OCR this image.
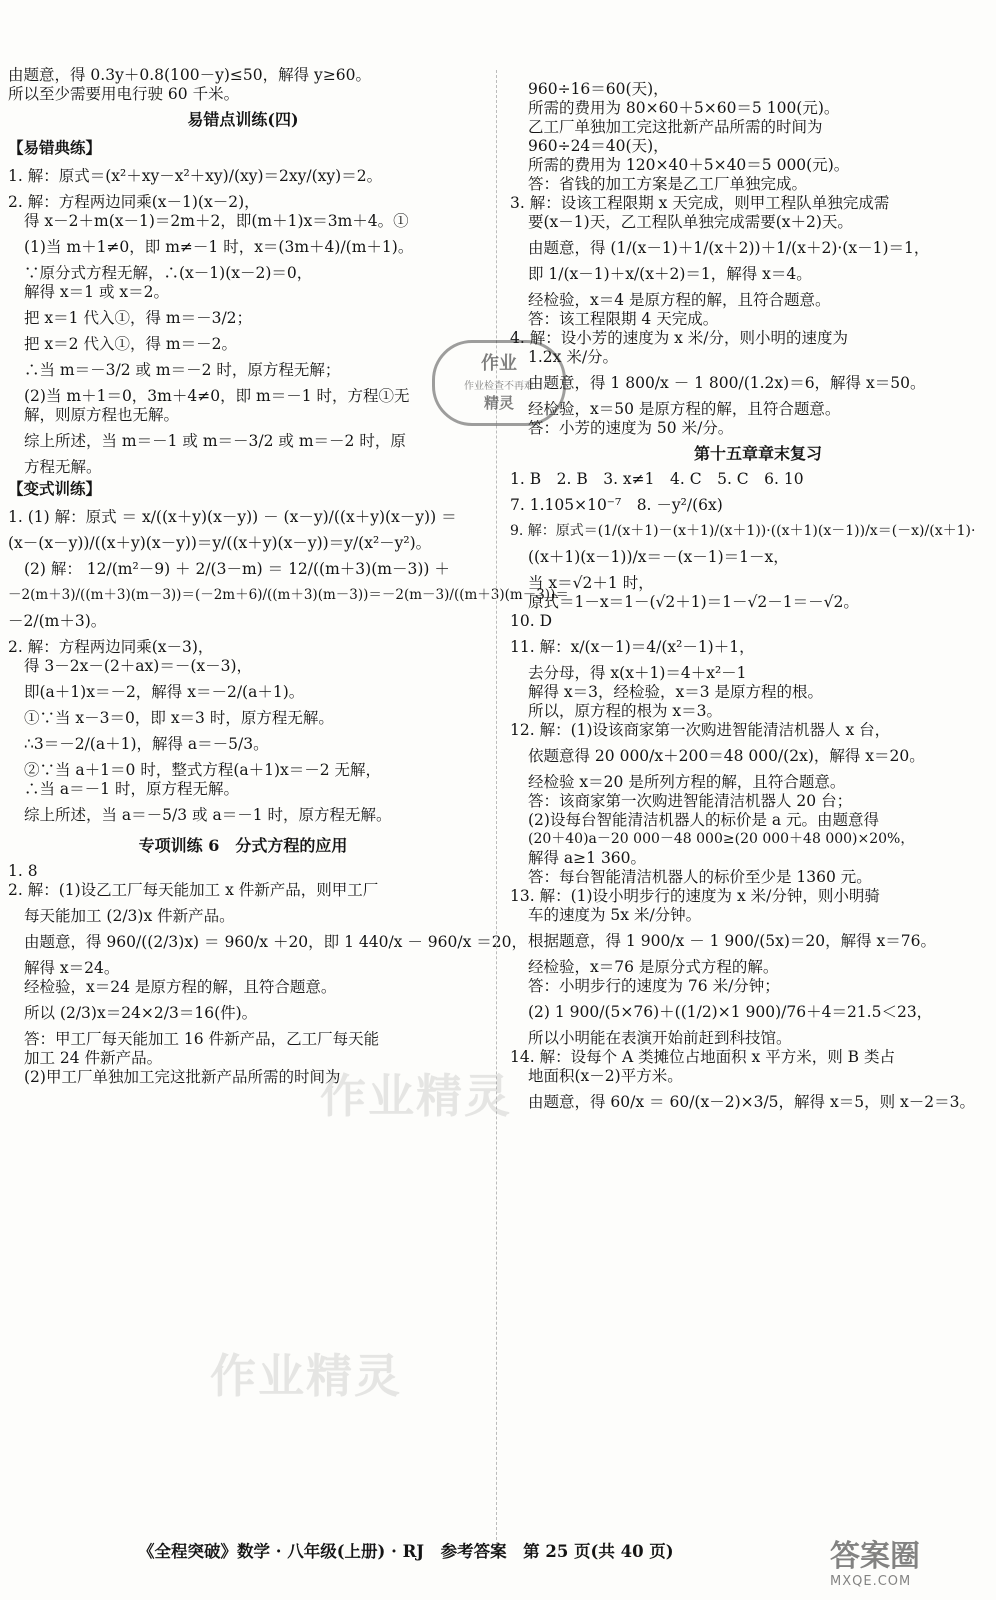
由题意，得 0.3y＋0.8(100－y)≤50，解得 y≥60。

所以至少需要用电行驶 60 千米。

易错点训练(四)
【易错典练】

1. 解：原式＝(x²＋xy－x²＋xy)/(xy)＝2xy/(xy)＝2。

2. 解：方程两边同乘(x－1)(x－2)，

得 x－2＋m(x－1)＝2m＋2，即(m＋1)x＝3m＋4。①

(1)当 m＋1≠0，即 m≠－1 时，x＝(3m＋4)/(m＋1)。

∵原分式方程无解，∴(x－1)(x－2)＝0，

解得 x＝1 或 x＝2。

把 x＝1 代入①，得 m＝－3/2；

把 x＝2 代入①，得 m＝－2。

∴当 m＝－3/2 或 m＝－2 时，原方程无解；

(2)当 m＋1＝0，3m＋4≠0，即 m＝－1 时，方程①无

解，则原方程也无解。

综上所述，当 m＝－1 或 m＝－3/2 或 m＝－2 时，原

方程无解。

【变式训练】

1. (1) 解：原式 ＝ x/((x＋y)(x－y)) － (x－y)/((x＋y)(x－y)) ＝

(x－(x－y))/((x＋y)(x－y))＝y/((x＋y)(x－y))＝y/(x²－y²)。

(2) 解： 12/(m²－9) ＋ 2/(3－m) ＝ 12/((m＋3)(m－3)) ＋

－2(m＋3)/((m＋3)(m－3))＝(－2m＋6)/((m＋3)(m－3))＝－2(m－3)/((m＋3)(m－3))＝

－2/(m＋3)。

2. 解：方程两边同乘(x－3)，

得 3－2x－(2＋ax)＝－(x－3)，

即(a＋1)x＝－2，解得 x＝－2/(a＋1)。

①∵当 x－3＝0，即 x＝3 时，原方程无解。

∴3＝－2/(a＋1)，解得 a＝－5/3。

②∵当 a＋1＝0 时，整式方程(a＋1)x＝－2 无解，

∴当 a＝－1 时，原方程无解。

综上所述，当 a＝－5/3 或 a＝－1 时，原方程无解。

专项训练 6　分式方程的应用

1. 8

2. 解：(1)设乙工厂每天能加工 x 件新产品，则甲工厂

每天能加工 (2/3)x 件新产品。

由题意，得 960/((2/3)x) ＝ 960/x ＋20，即 1 440/x － 960/x ＝20，

解得 x＝24。

经检验，x＝24 是原方程的解，且符合题意。

所以 (2/3)x＝24×2/3＝16(件)。

答：甲工厂每天能加工 16 件新产品，乙工厂每天能

加工 24 件新产品。

(2)甲工厂单独加工完这批新产品所需的时间为

960÷16＝60(天)，

所需的费用为 80×60＋5×60＝5 100(元)。

乙工厂单独加工完这批新产品所需的时间为

960÷24＝40(天)，

所需的费用为 120×40＋5×40＝5 000(元)。

答：省钱的加工方案是乙工厂单独完成。

3. 解：设该工程限期 x 天完成，则甲工程队单独完成需

要(x－1)天，乙工程队单独完成需要(x＋2)天。

由题意，得 (1/(x－1)＋1/(x＋2))＋1/(x＋2)·(x－1)＝1，

即 1/(x－1)＋x/(x＋2)＝1，解得 x＝4。

经检验，x＝4 是原方程的解，且符合题意。

答：该工程限期 4 天完成。

4. 解：设小芳的速度为 x 米/分，则小明的速度为

1.2x 米/分。

由题意，得 1 800/x － 1 800/(1.2x)＝6，解得 x＝50。

经检验，x＝50 是原方程的解，且符合题意。

答：小芳的速度为 50 米/分。

第十五章章末复习

1. B　2. B　3. x≠1　4. C　5. C　6. 10

7. 1.105×10⁻⁷　8. －y²/(6x)

9. 解：原式＝(1/(x＋1)－(x＋1)/(x＋1))·((x＋1)(x－1))/x＝(－x)/(x＋1)·

((x＋1)(x－1))/x＝－(x－1)＝1－x，

当 x＝√2＋1 时，

原式＝1－x＝1－(√2＋1)＝1－√2－1＝－√2。

10. D

11. 解：x/(x－1)＝4/(x²－1)＋1，

去分母，得 x(x＋1)＝4＋x²－1

解得 x＝3，经检验，x＝3 是原方程的根。

所以，原方程的根为 x＝3。

12. 解：(1)设该商家第一次购进智能清洁机器人 x 台，

依题意得 20 000/x＋200＝48 000/(2x)，解得 x＝20。

经检验 x＝20 是所列方程的解，且符合题意。

答：该商家第一次购进智能清洁机器人 20 台；

(2)设每台智能清洁机器人的标价是 a 元。由题意得

(20＋40)a－20 000－48 000≥(20 000＋48 000)×20%，

解得 a≥1 360。

答：每台智能清洁机器人的标价至少是 1360 元。

13. 解：(1)设小明步行的速度为 x 米/分钟，则小明骑

车的速度为 5x 米/分钟。

根据题意，得 1 900/x － 1 900/(5x)＝20，解得 x＝76。

经检验，x＝76 是原分式方程的解。

答：小明步行的速度为 76 米/分钟；

(2) 1 900/(5×76)＋((1/2)×1 900)/76＋4＝21.5＜23，

所以小明能在表演开始前赶到科技馆。

14. 解：设每个 A 类摊位占地面积 x 平方米，则 B 类占

地面积(x－2)平方米。

由题意，得 60/x ＝ 60/(x－2)×3/5，解得 x＝5，则 x－2＝3。

作业精灵
作业精灵
作业
作业检查不再难
精灵
《全程突破》数学 · 八年级(上册) · RJ　参考答案　第 25 页(共 40 页)	答案圈
MXQE.COM
